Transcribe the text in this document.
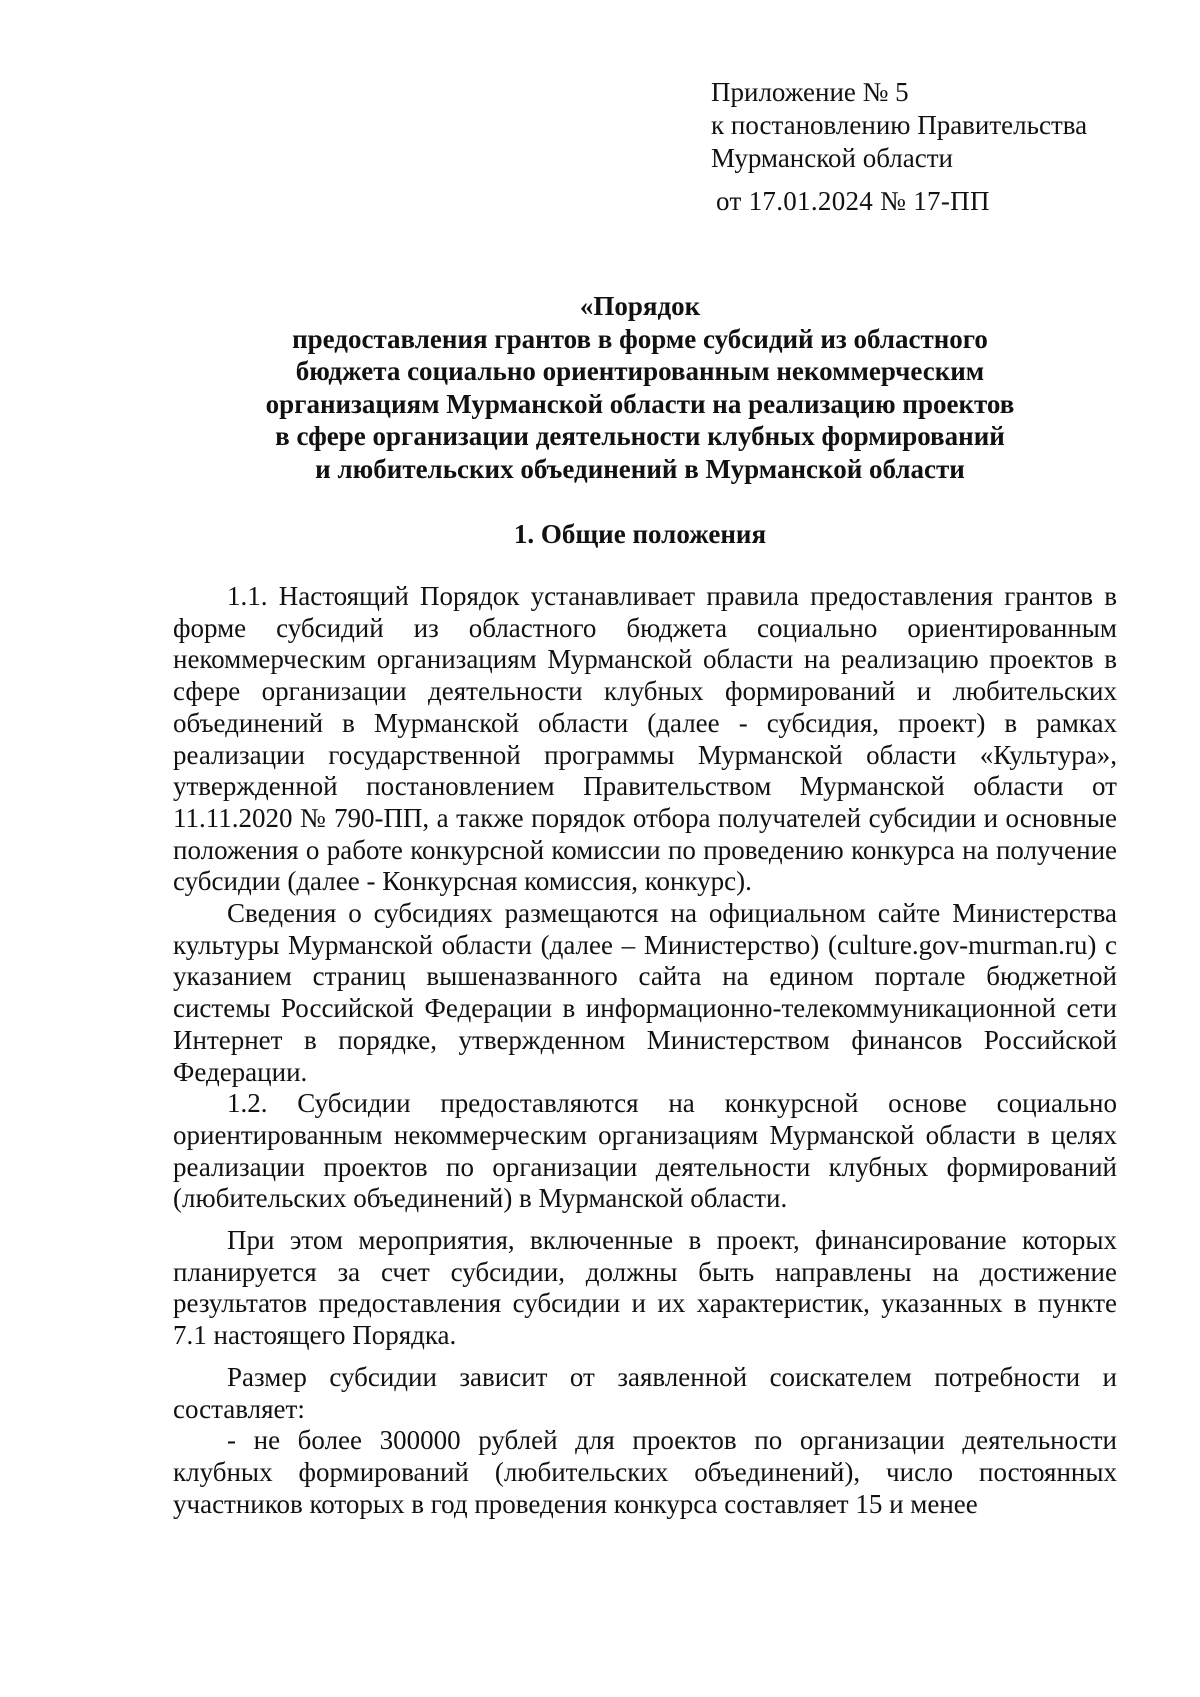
Приложение № 5
к постановлению Правительства
Мурманской области
от 17.01.2024 № 17-ПП
«Порядок
предоставления грантов в форме субсидий из областного
бюджета социально ориентированным некоммерческим
организациям Мурманской области на реализацию проектов
в сфере организации деятельности клубных формирований
и любительских объединений в Мурманской области
1. Общие положения

1.1. Настоящий Порядок устанавливает правила предоставления грантов в форме субсидий из областного бюджета социально ориентированным некоммерческим организациям Мурманской области на реализацию проектов в сфере организации деятельности клубных формирований и любительских объединений в Мурманской области (далее - субсидия, проект) в рамках реализации государственной программы Мурманской области «Культура», утвержденной постановлением Правительством Мурманской области от 11.11.2020 № 790-ПП, а также порядок отбора получателей субсидии и основные положения о работе конкурсной комиссии по проведению конкурса на получение субсидии (далее - Конкурсная комиссия, конкурс).

Сведения о субсидиях размещаются на официальном сайте Министерства культуры Мурманской области (далее – Министерство) (culture.gov-murman.ru) с указанием страниц вышеназванного сайта на едином портале бюджетной системы Российской Федерации в информационно-телекоммуникационной сети Интернет в порядке, утвержденном Министерством финансов Российской Федерации.

1.2. Субсидии предоставляются на конкурсной основе социально ориентированным некоммерческим организациям Мурманской области в целях реализации проектов по организации деятельности клубных формирований (любительских объединений) в Мурманской области.

При этом мероприятия, включенные в проект, финансирование которых планируется за счет субсидии, должны быть направлены на достижение результатов предоставления субсидии и их характеристик, указанных в пункте 7.1 настоящего Порядка.

Размер субсидии зависит от заявленной соискателем потребности и составляет:

- не более 300000 рублей для проектов по организации деятельности клубных формирований (любительских объединений), число постоянных участников которых в год проведения конкурса составляет 15 и менее
